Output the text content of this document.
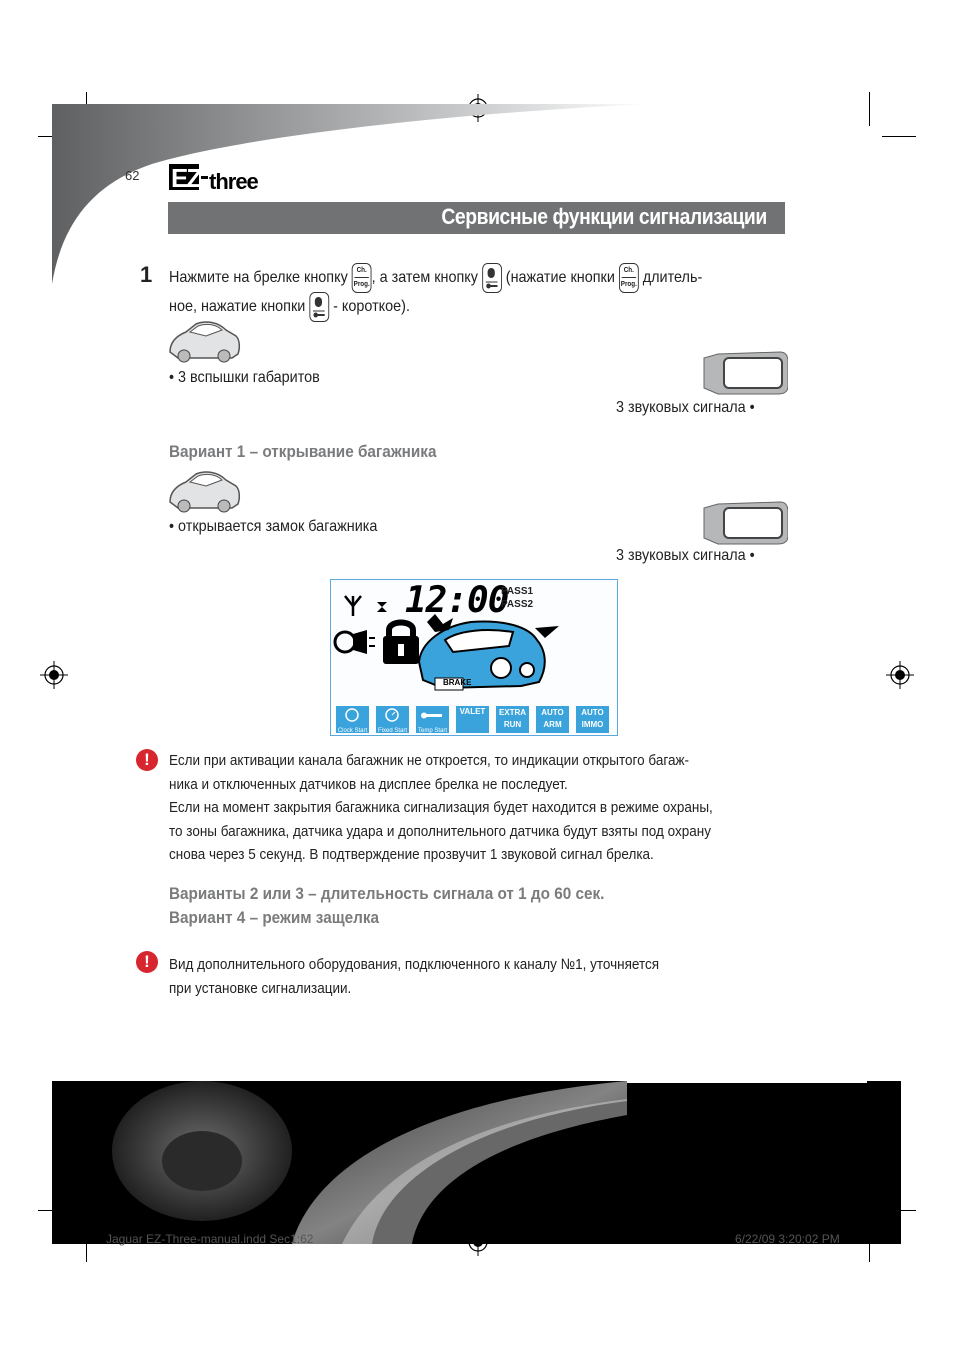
62 EZ three
Сервисные функции сигнализации
1 Нажмите на брелке кнопку Ch.
Prog. , а затем кнопку (нажатие кнопки Ch.
Prog. длитель-
ное, нажатие кнопки - короткое).
• 3 вспышки габаритов
3 звуковых сигнала •
Вариант 1 – открывание багажника
• открывается замок багажника
3 звуковых сигнала •
12:00
PASS1
PASS2
BRAKE
Clock Start	Fixed Start	Temp Start
VALET	EXTRA
RUN
AUTO
ARM
AUTO
IMMO
!
Если при активации канала багажник не откроется, то индикации открытого багаж-
ника и отключенных датчиков на дисплее брелка не последует.
Если на момент закрытия багажника сигнализация будет находится в режиме охраны,
то зоны багажника, датчика удара и дополнительного датчика будут взяты под охрану
снова через 5 секунд. В подтверждение прозвучит 1 звуковой сигнал брелка.
Варианты 2 или 3 – длительность сигнала от 1 до 60 сек.
Вариант 4 – режим защелка
!
Вид дополнительного оборудования, подключенного к каналу №1, уточняется
при установке сигнализации.
Jaguar EZ-Three-manual.indd Sec1:62	6/22/09 3:20:02 PM
